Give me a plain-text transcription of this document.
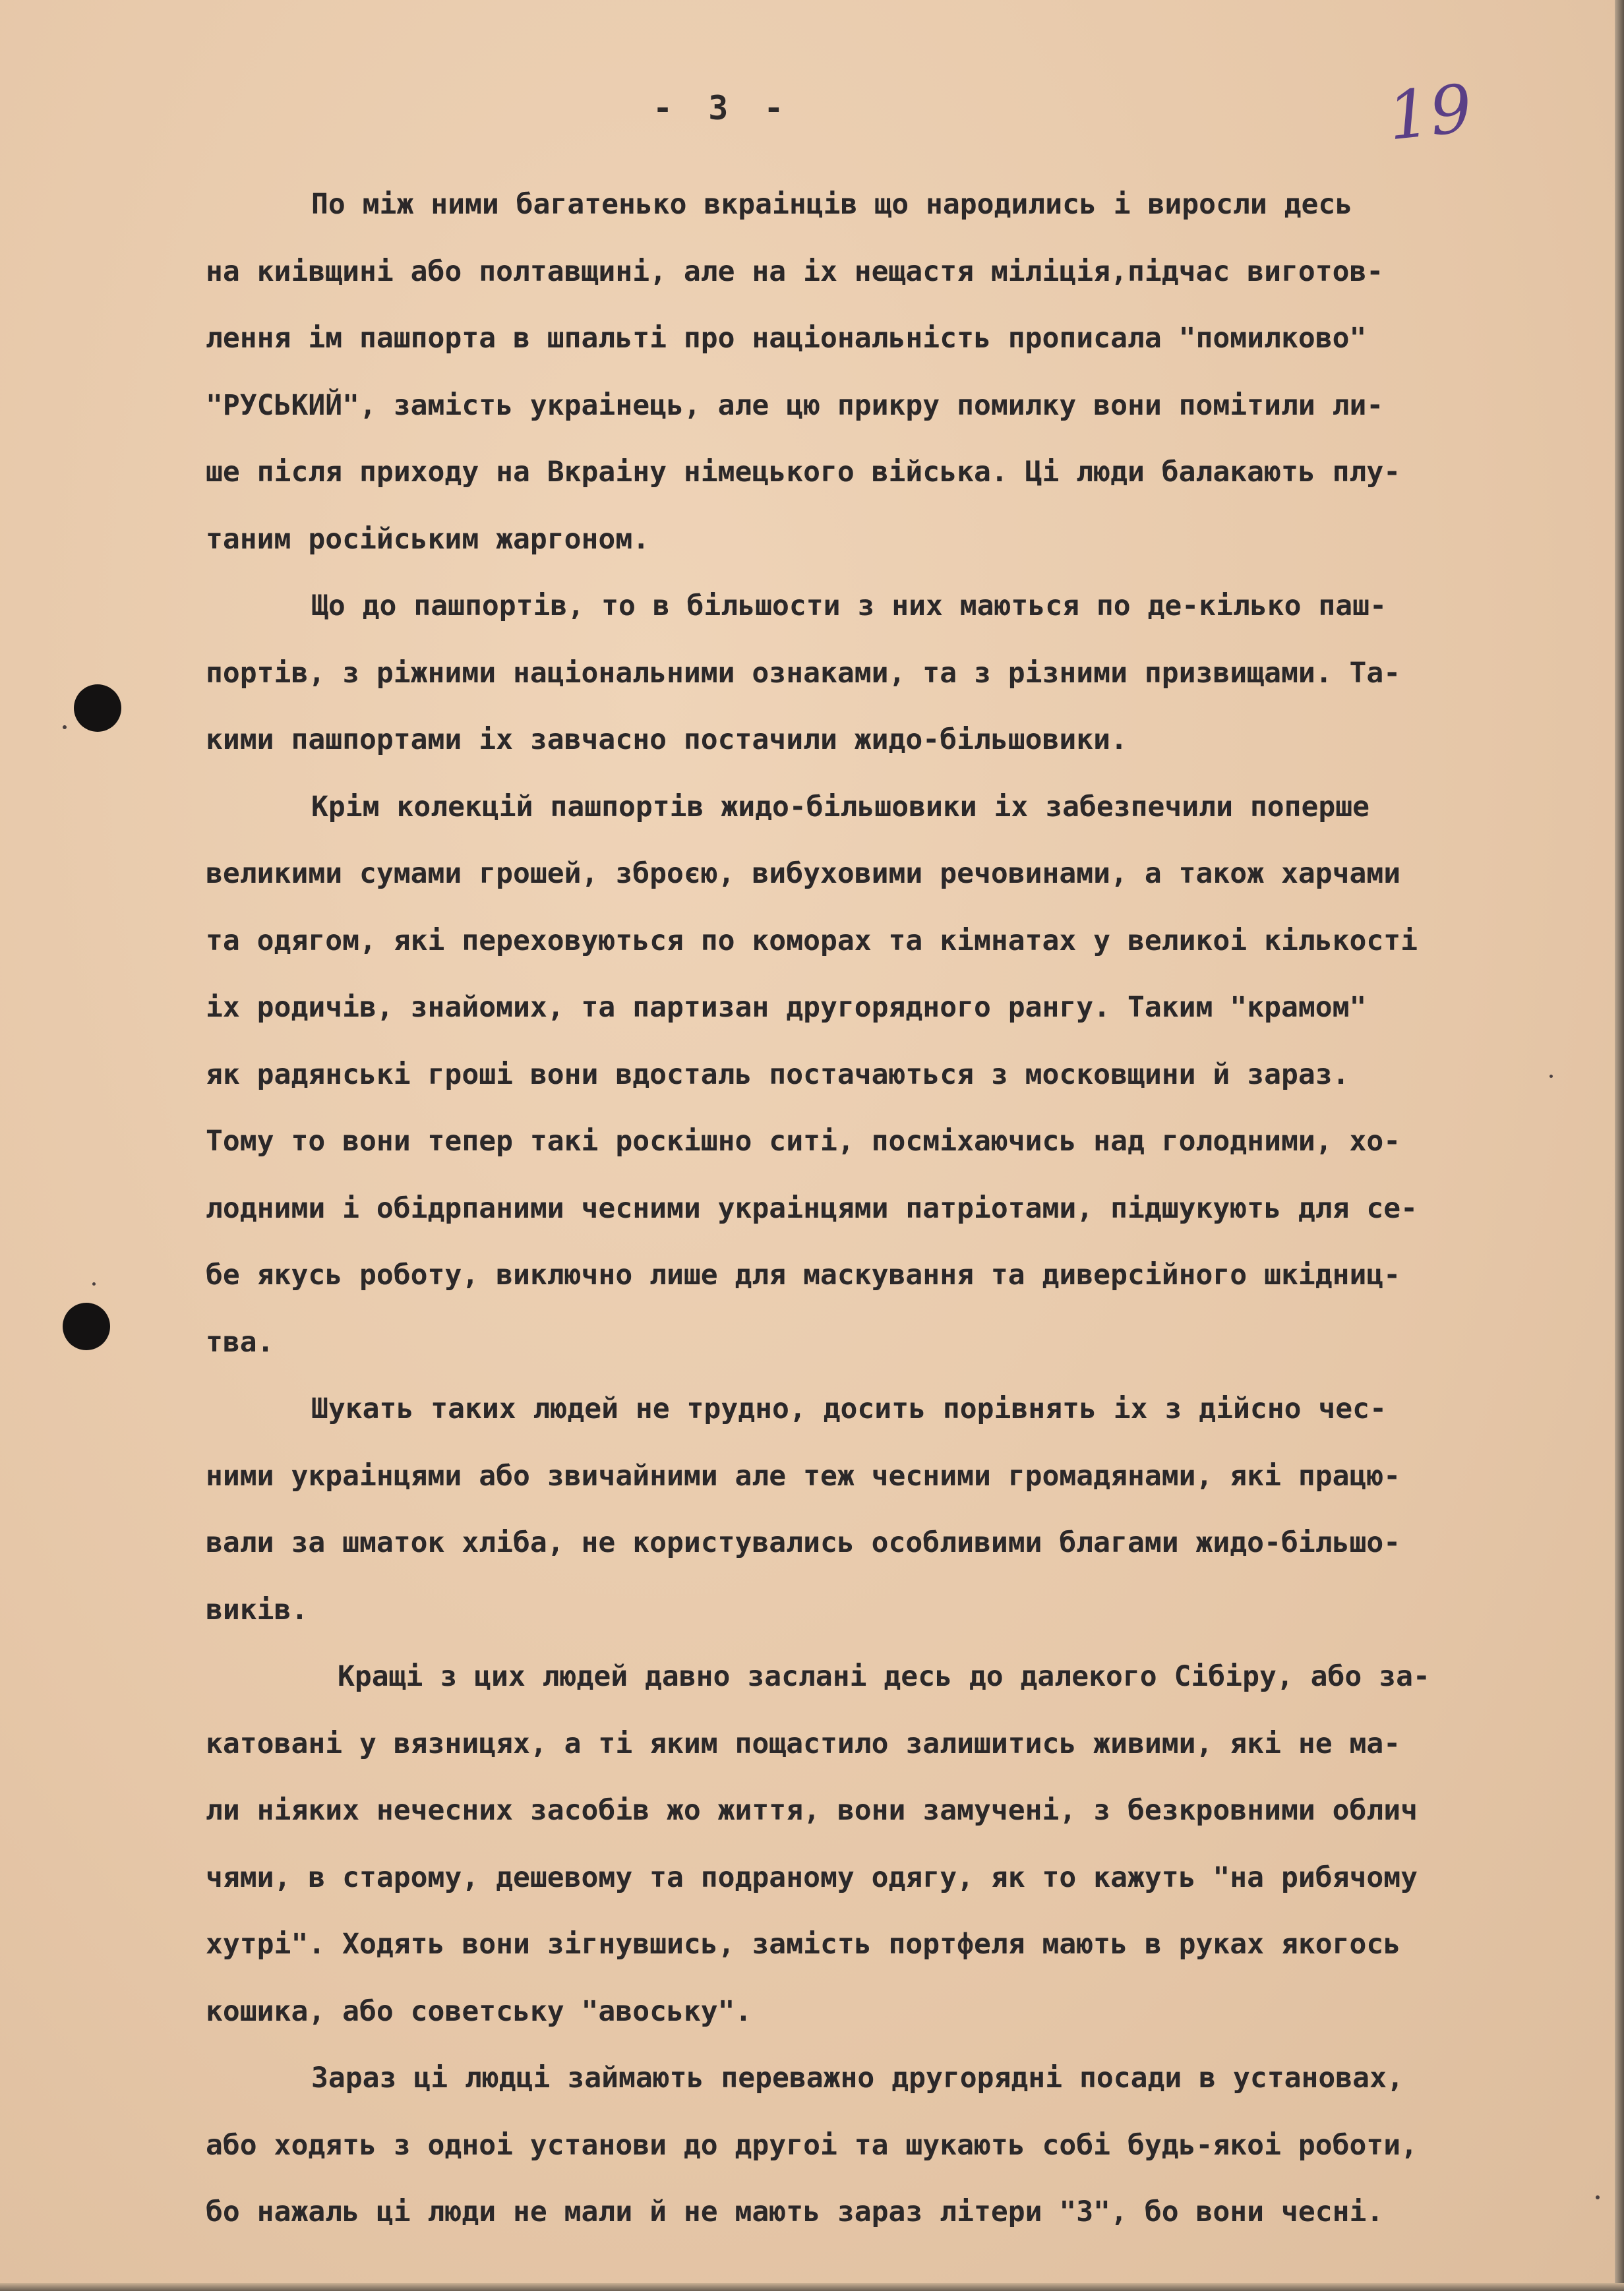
- 3 -	19
По між ними багатенько вкраінців що народились і виросли десь
на киівщині або полтавщині, але на іх нещастя міліція,підчас виготов-
лення ім пашпорта в шпальті про національність прописала "помилково"
"РУСЬКИЙ", замість украінець, але цю прикру помилку вони помітили ли-
ше після приходу на Вкраіну німецького війська. Ці люди балакають плу-
таним російським жаргоном.
Що до пашпортів, то в більшости з них маються по де-кілько паш-
портів, з ріжними національними ознаками, та з різними призвищами. Та-
кими пашпортами іх завчасно постачили жидо-більшовики.
Крім колекцій пашпортів жидо-більшовики іх забезпечили поперше
великими сумами грошей, зброєю, вибуховими речовинами, а також харчами
та одягом, які переховуються по коморах та кімнатах у великоі кількості
іх родичів, знайомих, та партизан другорядного рангу. Таким "крамом"
як радянські гроші вони вдосталь постачаються з московщини й зараз.
Тому то вони тепер такі роскішно ситі, посміхаючись над голодними, хо-
лодними і обідрпаними чесними украінцями патріотами, підшукують для се-
бе якусь роботу, виключно лише для маскування та диверсійного шкідниц-
тва.
Шукать таких людей не трудно, досить порівнять іх з дійсно чес-
ними украінцями або звичайними але теж чесними громадянами, які працю-
вали за шматок хліба, не користувались особливими благами жидо-більшо-
виків.
Кращі з цих людей давно заслані десь до далекого Сібіру, або за-
катовані у вязницях, а ті яким пощастило залишитись живими, які не ма-
ли ніяких нечесних засобів жо життя, вони замучені, з безкровними облич
чями, в старому, дешевому та подраному одягу, як то кажуть "на рибячому
хутрі". Ходять вони зігнувшись, замість портфеля мають в руках якогось
кошика, або советську "авоську".
Зараз ці людці займають переважно другорядні посади в установах,
або ходять з одноі установи до другоі та шукають собі будь-якоі роботи,
бо нажаль ці люди не мали й не мають зараз літери "З", бо вони чесні.
